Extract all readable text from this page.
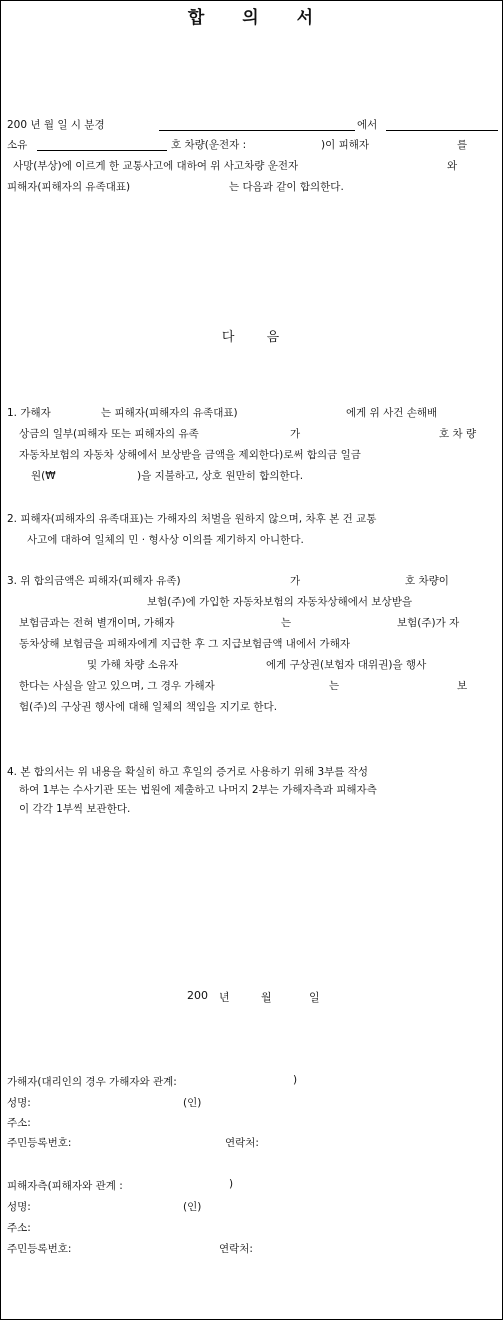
합 의 서
200 년 월 일 시 분경	에서
소유	호 차량(운전자 :	)이 피해자	를
사망(부상)에 이르게 한 교통사고에 대하여 위 사고차량 운전자	와
피해자(피해자의 유족대표)	는 다음과 같이 합의한다.
다 음
1. 가해자	는 피해자(피해자의 유족대표)	에게 위 사건 손해배
상금의 일부(피해자 또는 피해자의 유족	가	호 차 량
자동차보험의 자동차 상해에서 보상받을 금액을 제외한다)로써 합의금 일금
원(₩	)을 지불하고, 상호 원만히 합의한다.
2. 피해자(피해자의 유족대표)는 가해자의 처벌을 원하지 않으며, 차후 본 건 교통
사고에 대하여 일체의 민 · 형사상 이의를 제기하지 아니한다.
3. 위 합의금액은 피해자(피해자 유족)	가	호 차량이
보험(주)에 가입한 자동차보험의 자동차상해에서 보상받을
보험금과는 전혀 별개이며, 가해자	는	보험(주)가 자
동차상해 보험금을 피해자에게 지급한 후 그 지급보험금액 내에서 가해자
및 가해 차량 소유자	에게 구상권(보험자 대위권)을 행사
한다는 사실을 알고 있으며, 그 경우 가해자	는	보
험(주)의 구상권 행사에 대해 일체의 책임을 지기로 한다.
4. 본 합의서는 위 내용을 확실히 하고 후일의 증거로 사용하기 위해 3부를 작성
하여 1부는 수사기관 또는 법원에 제출하고 나머지 2부는 가해자측과 피해자측
이 각각 1부씩 보관한다.
200 년	월	일
가해자(대리인의 경우 가해자와 관계:	)
성명:	(인)
주소:
주민등록번호:	연락처:
피해자측(피해자와 관계 :	)
성명:	(인)
주소:
주민등록번호:	연락처:
